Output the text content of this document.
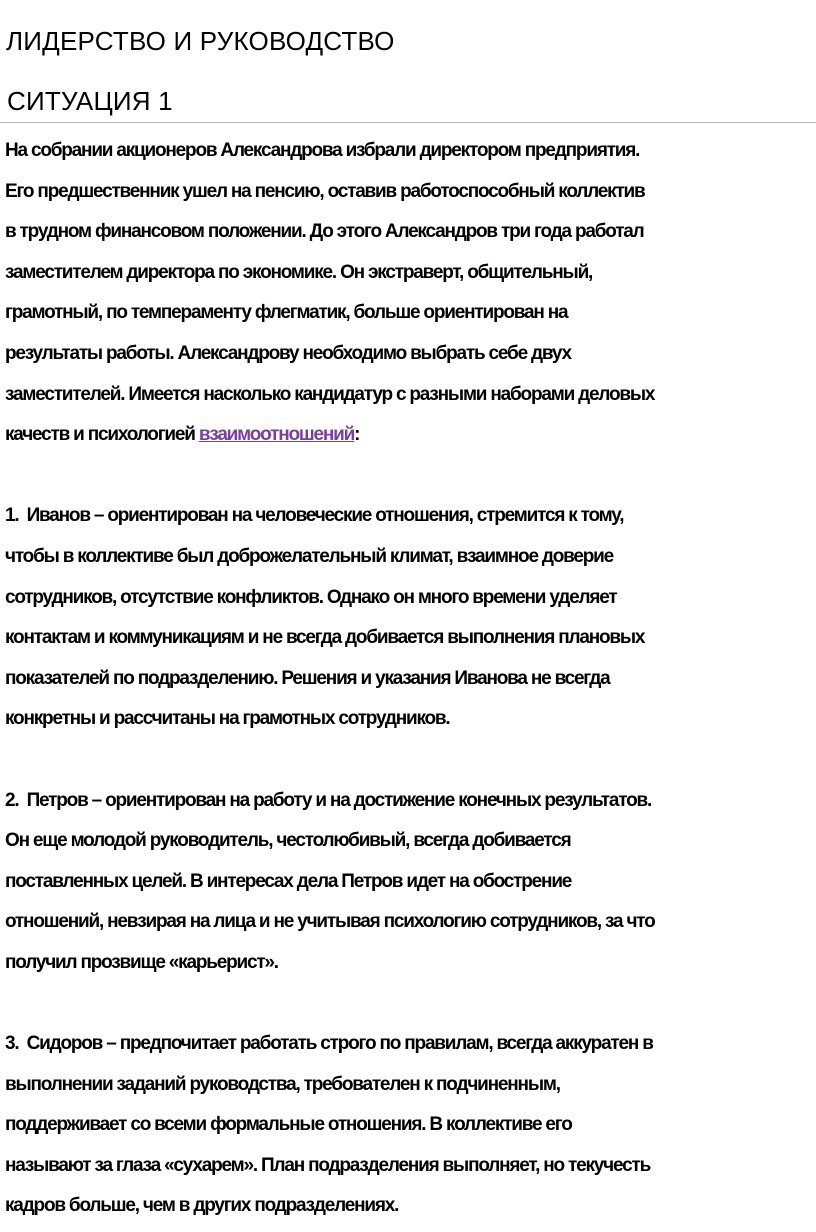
ЛИДЕРСТВО И РУКОВОДСТВО
СИТУАЦИЯ 1
На собрании акционеров Александрова избрали директором предприятия.
Его предшественник ушел на пенсию, оставив работоспособный коллектив
в трудном финансовом положении. До этого Александров три года работал
заместителем директора по экономике. Он экстраверт, общительный,
грамотный, по темпераменту флегматик, больше ориентирован на
результаты работы. Александрову необходимо выбрать себе двух
заместителей. Имеется насколько кандидатур с разными наборами деловых
качеств и психологией взаимоотношений:
1.  Иванов – ориентирован на человеческие отношения, стремится к тому,
чтобы в коллективе был доброжелательный климат, взаимное доверие
сотрудников, отсутствие конфликтов. Однако он много времени уделяет
контактам и коммуникациям и не всегда добивается выполнения плановых
показателей по подразделению. Решения и указания Иванова не всегда
конкретны и рассчитаны на грамотных сотрудников.
2.  Петров – ориентирован на работу и на достижение конечных результатов.
Он еще молодой руководитель, честолюбивый, всегда добивается
поставленных целей. В интересах дела Петров идет на обострение
отношений, невзирая на лица и не учитывая психологию сотрудников, за что
получил прозвище «карьерист».
3.  Сидоров – предпочитает работать строго по правилам, всегда аккуратен в
выполнении заданий руководства, требователен к подчиненным,
поддерживает со всеми формальные отношения. В коллективе его
называют за глаза «сухарем». План подразделения выполняет, но текучесть
кадров больше, чем в других подразделениях.
